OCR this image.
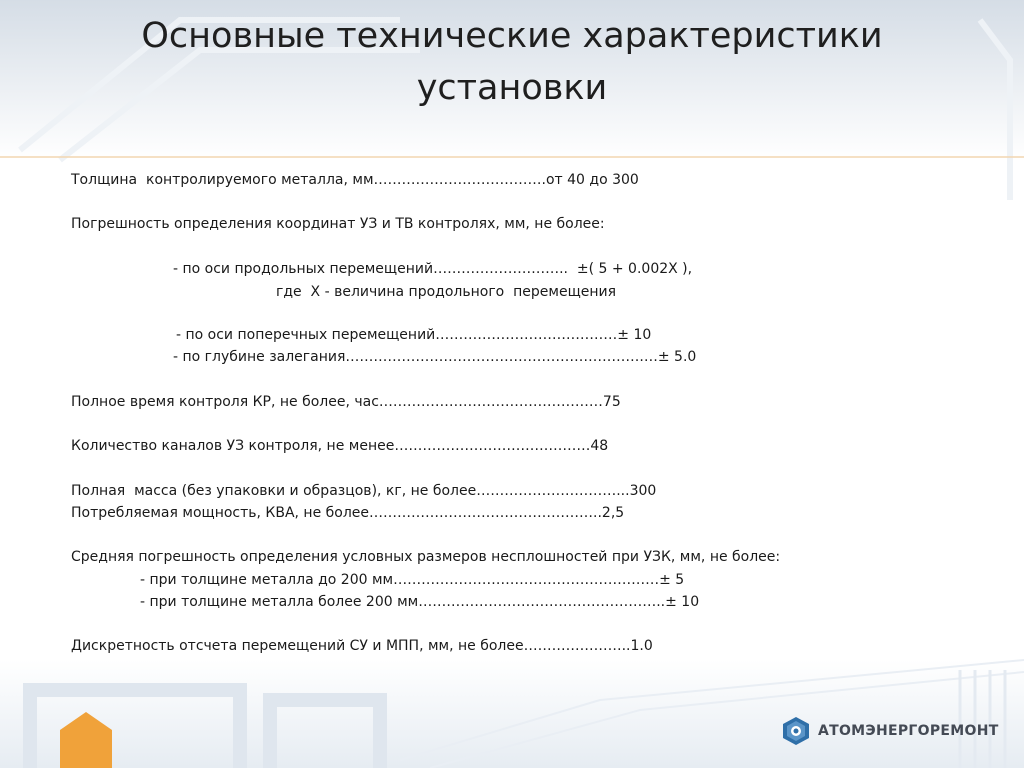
Основные технические характеристики
установки
Толщина  контролируемого металла, мм……………………………….от 40 до 300
Погрешность определения координат УЗ и ТВ контролях, мм, не более:
- по оси продольных перемещений………………………..  ±( 5 + 0.002X ),
где  X - величина продольного  перемещения
- по оси поперечных перемещений…………………………………± 10
- по глубине залегания……………………………………………………….…± 5.0
Полное время контроля КР, не более, час…………………………………………75
Количество каналов УЗ контроля, не менее……………………………………48
Полная  масса (без упаковки и образцов), кг, не более…………………………...300
Потребляемая мощность, КВА, не более…………………………………………..2,5
Средняя погрешность определения условных размеров несплошностей при УЗК, мм, не более:
- при толщине металла до 200 мм…………………………………………………± 5
- при толщине металла более 200 мм……………………………………………..± 10
Дискретность отсчета перемещений СУ и МПП, мм, не более…………………..1.0
АТОМЭНЕРГОРЕМОНТ
